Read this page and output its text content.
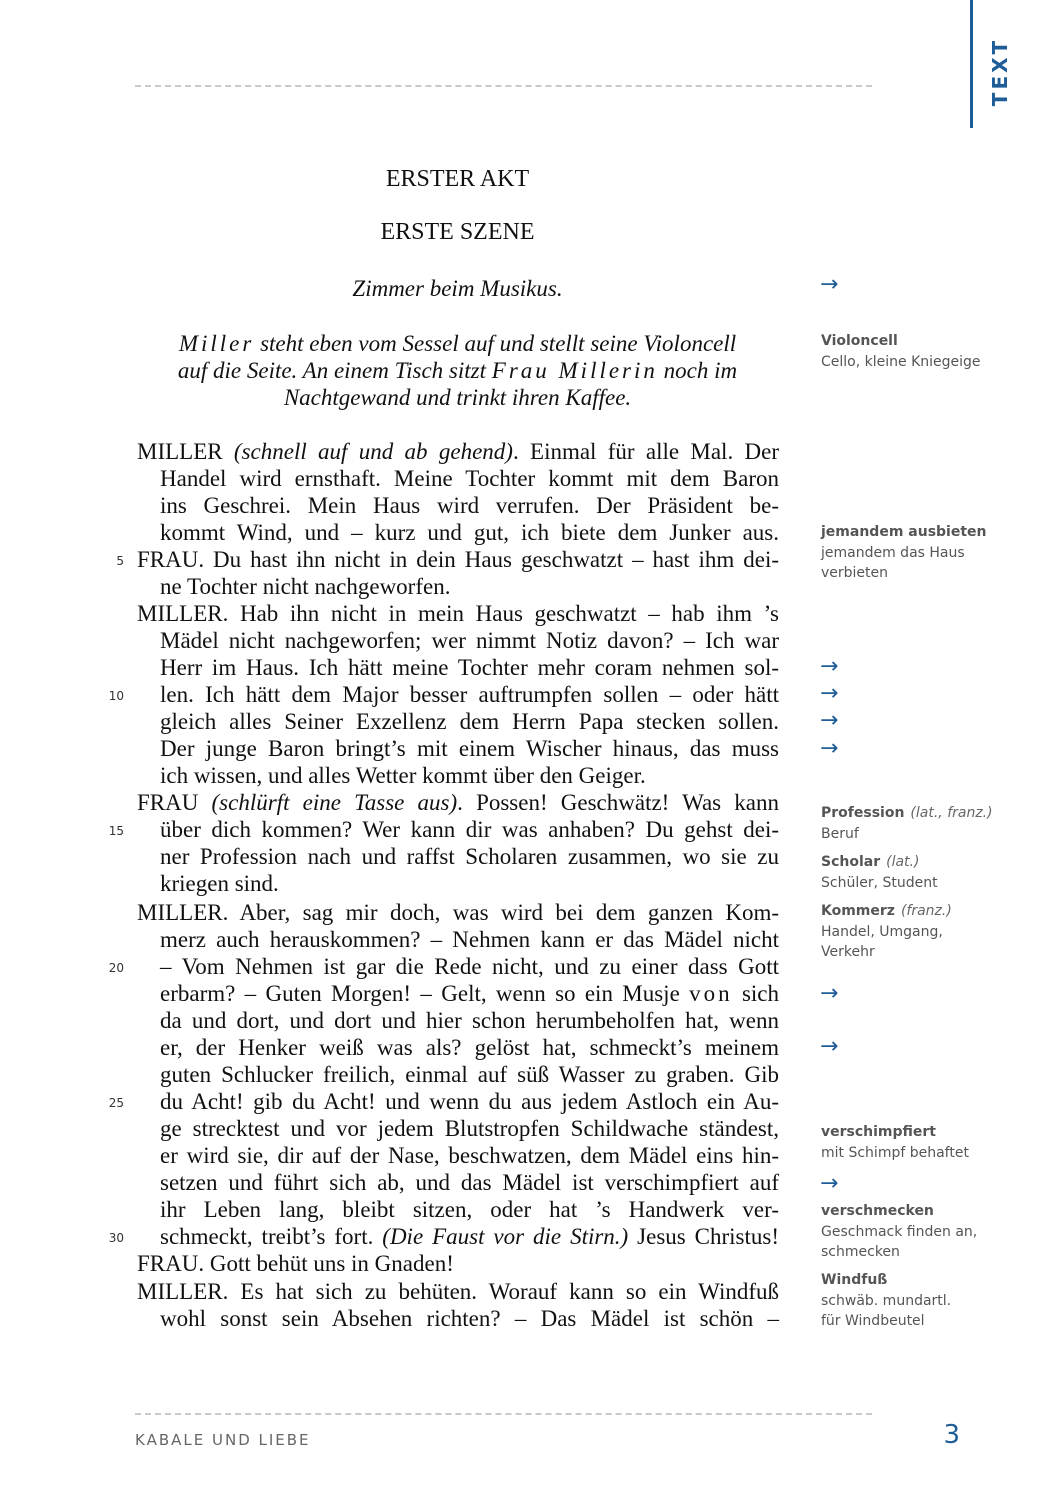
TEXT
ERSTER AKT
ERSTE SZENE
Zimmer beim Musikus.
Miller steht eben vom Sessel auf und stellt seine Violoncell
auf die Seite. An einem Tisch sitzt Frau Millerin noch im
Nachtgewand und trinkt ihren Kaffee.
MILLER (schnell auf und ab gehend). Einmal für alle Mal. Der
Handel wird ernsthaft. Meine Tochter kommt mit dem Baron
ins Geschrei. Mein Haus wird verrufen. Der Präsident be-
kommt Wind, und – kurz und gut, ich biete dem Junker aus.
FRAU. Du hast ihn nicht in dein Haus geschwatzt – hast ihm dei-
ne Tochter nicht nachgeworfen.
MILLER. Hab ihn nicht in mein Haus geschwatzt – hab ihm ’s
Mädel nicht nachgeworfen; wer nimmt Notiz davon? – Ich war
Herr im Haus. Ich hätt meine Tochter mehr coram nehmen sol-
len. Ich hätt dem Major besser auftrumpfen sollen – oder hätt
gleich alles Seiner Exzellenz dem Herrn Papa stecken sollen.
Der junge Baron bringt’s mit einem Wischer hinaus, das muss
ich wissen, und alles Wetter kommt über den Geiger.
FRAU (schlürft eine Tasse aus). Possen! Geschwätz! Was kann
über dich kommen? Wer kann dir was anhaben? Du gehst dei-
ner Profession nach und raffst Scholaren zusammen, wo sie zu
kriegen sind.
MILLER. Aber, sag mir doch, was wird bei dem ganzen Kom-
merz auch herauskommen? – Nehmen kann er das Mädel nicht
– Vom Nehmen ist gar die Rede nicht, und zu einer dass Gott
erbarm? – Guten Morgen! – Gelt, wenn so ein Musje von sich
da und dort, und dort und hier schon herumbeholfen hat, wenn
er, der Henker weiß was als? gelöst hat, schmeckt’s meinem
guten Schlucker freilich, einmal auf süß Wasser zu graben. Gib
du Acht! gib du Acht! und wenn du aus jedem Astloch ein Au-
ge strecktest und vor jedem Blutstropfen Schildwache ständest,
er wird sie, dir auf der Nase, beschwatzen, dem Mädel eins hin-
setzen und führt sich ab, und das Mädel ist verschimpfiert auf
ihr Leben lang, bleibt sitzen, oder hat ’s Handwerk ver-
schmeckt, treibt’s fort. (Die Faust vor die Stirn.) Jesus Christus!
FRAU. Gott behüt uns in Gnaden!
MILLER. Es hat sich zu behüten. Worauf kann so ein Windfuß
wohl sonst sein Absehen richten? – Das Mädel ist schön –
5
10
15
20
25
30
→
→
→
→
→
→
→
→
Violoncell
Cello, kleine Kniegeige
jemandem ausbieten
jemandem das Haus
verbieten
Profession (lat., franz.)
Beruf
Scholar (lat.)
Schüler, Student
Kommerz (franz.)
Handel, Umgang,
Verkehr
verschimpfiert
mit Schimpf behaftet
verschmecken
Geschmack finden an,
schmecken
Windfuß
schwäb. mundartl.
für Windbeutel
KABALE UND LIEBE	3
